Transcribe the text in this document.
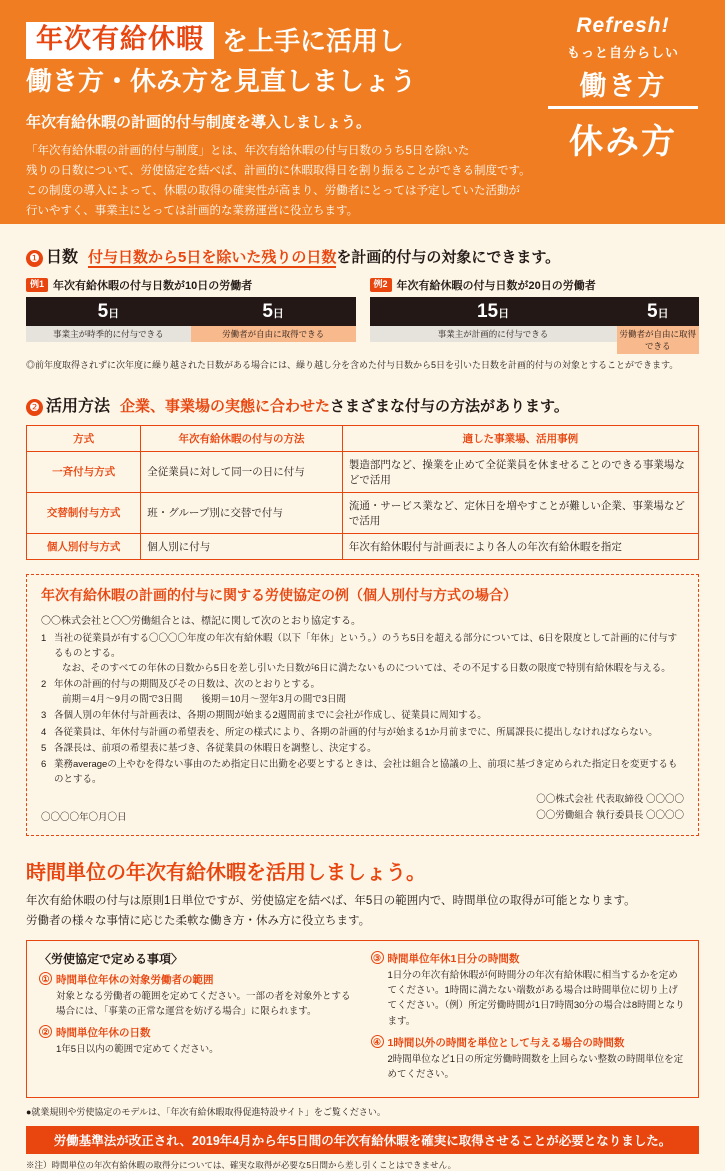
年次有給休暇 を上手に活用し
働き方・休み方を見直しましょう
年次有給休暇の計画的付与制度を導入しましょう。
「年次有給休暇の計画的付与制度」とは、年次有給休暇の付与日数のうち5日を除いた
残りの日数について、労使協定を結べば、計画的に休暇取得日を割り振ることができる制度です。
この制度の導入によって、休暇の取得の確実性が高まり、労働者にとっては予定していた活動が
行いやすく、事業主にとっては計画的な業務運営に役立ちます。
Refresh!
もっと自分らしい
働き方
休み方
❶ 日数 付与日数から5日を除いた残りの日数を計画的付与の対象にできます。
例1 年次有給休暇の付与日数が10日の労働者
5日
事業主が時季的に付与できる
5日
労働者が自由に取得できる
例2 年次有給休暇の付与日数が20日の労働者
15日
事業主が計画的に付与できる
5日
労働者が自由に取得できる
◎前年度取得されずに次年度に繰り越された日数がある場合には、繰り越し分を含めた付与日数から5日を引いた日数を計画的付与の対象とすることができます。
❷ 活用方法 企業、事業場の実態に合わせたさまざまな付与の方法があります。
方式	年次有給休暇の付与の方法	適した事業場、活用事例
一斉付与方式	全従業員に対して同一の日に付与	製造部門など、操業を止めて全従業員を休ませることのできる事業場などで活用
交替制付与方式	班・グループ別に交替で付与	流通・サービス業など、定休日を増やすことが難しい企業、事業場などで活用
個人別付与方式	個人別に付与	年次有給休暇付与計画表により各人の年次有給休暇を指定
年次有給休暇の計画的付与に関する労使協定の例（個人別付与方式の場合）
〇〇株式会社と〇〇労働組合とは、標記に関して次のとおり協定する。
1 当社の従業員が有する〇〇〇〇年度の年次有給休暇（以下「年休」という。）のうち5日を超える部分については、6日を限度として計画的に付与するものとする。
なお、そのすべての年休の日数から5日を差し引いた日数が6日に満たないものについては、その不足する日数の限度で特別有給休暇を与える。
2 年休の計画的付与の期間及びその日数は、次のとおりとする。
前期＝4月～9月の間で3日間　　後期＝10月～翌年3月の間で3日間
3 各個人別の年休付与計画表は、各期の期間が始まる2週間前までに会社が作成し、従業員に周知する。
4 各従業員は、年休付与計画の希望表を、所定の様式により、各期の計画的付与が始まる1か月前までに、所属課長に提出しなければならない。
5 各課長は、前項の希望表に基づき、各従業員の休暇日を調整し、決定する。
6 業務averageの上やむを得ない事由のため指定日に出勤を必要とするときは、会社は組合と協議の上、前項に基づき定められた指定日を変更するものとする。
〇〇〇〇年〇月〇日
〇〇株式会社 代表取締役 〇〇〇〇
〇〇労働組合 執行委員長 〇〇〇〇
時間単位の年次有給休暇を活用しましょう。
年次有給休暇の付与は原則1日単位ですが、労使協定を結べば、年5日の範囲内で、時間単位の取得が可能となります。
労働者の様々な事情に応じた柔軟な働き方・休み方に役立ちます。
〈労使協定で定める事項〉
① 時間単位年休の対象労働者の範囲
対象となる労働者の範囲を定めてください。一部の者を対象外とする場合には、「事業の正常な運営を妨げる場合」に限られます。
② 時間単位年休の日数
1年5日以内の範囲で定めてください。
③ 時間単位年休1日分の時間数
1日分の年次有給休暇が何時間分の年次有給休暇に相当するかを定めてください。1時間に満たない端数がある場合は時間単位に切り上げてください。（例）所定労働時間が1日7時間30分の場合は8時間となります。
④ 1時間以外の時間を単位として与える場合の時間数
2時間単位など1日の所定労働時間数を上回らない整数の時間単位を定めてください。
●就業規則や労使協定のモデルは、「年次有給休暇取得促進特設サイト」をご覧ください。
労働基準法が改正され、2019年4月から年5日間の年次有給休暇を確実に取得させることが必要となりました。
※注）時間単位の年次有給休暇の取得分については、確実な取得が必要な5日間から差し引くことはできません。
